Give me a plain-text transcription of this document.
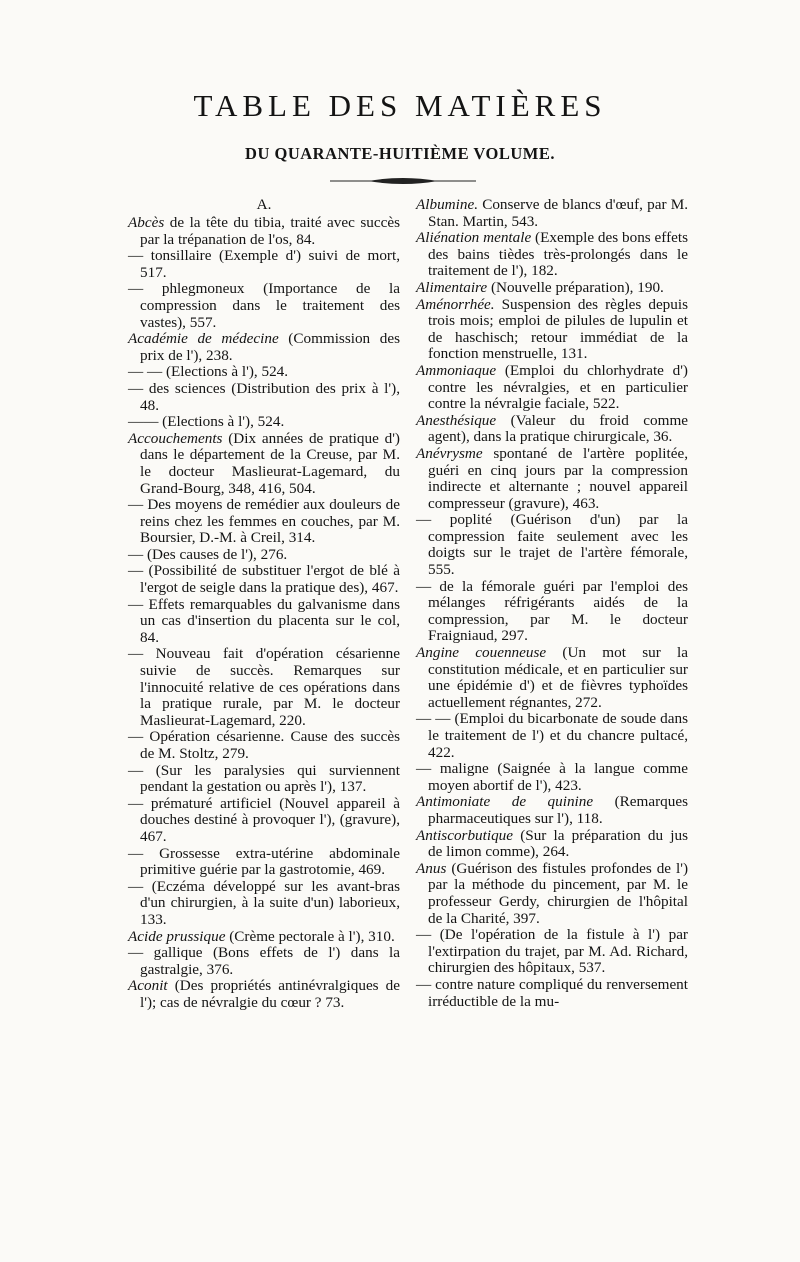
TABLE DES MATIÈRES
DU QUARANTE-HUITIÈME VOLUME.
A.
Abcès de la tête du tibia, traité avec succès par la trépanation de l'os, 84.
— tonsillaire (Exemple d') suivi de mort, 517.
— phlegmoneux (Importance de la compression dans le traitement des vastes), 557.
Académie de médecine (Commission des prix de l'), 238.
— — (Elections à l'), 524.
— des sciences (Distribution des prix à l'), 48.
—— (Elections à l'), 524.
Accouchements (Dix années de pratique d') dans le département de la Creuse, par M. le docteur Maslieurat-Lagemard, du Grand-Bourg, 348, 416, 504.
— Des moyens de remédier aux douleurs de reins chez les femmes en couches, par M. Boursier, D.-M. à Creil, 314.
— (Des causes de l'), 276.
— (Possibilité de substituer l'ergot de blé à l'ergot de seigle dans la pratique des), 467.
— Effets remarquables du galvanisme dans un cas d'insertion du placenta sur le col, 84.
— Nouveau fait d'opération césarienne suivie de succès. Remarques sur l'innocuité relative de ces opérations dans la pratique rurale, par M. le docteur Maslieurat-Lagemard, 220.
— Opération césarienne. Cause des succès de M. Stoltz, 279.
— (Sur les paralysies qui surviennent pendant la gestation ou après l'), 137.
— prématuré artificiel (Nouvel appareil à douches destiné à provoquer l'), (gravure), 467.
— Grossesse extra-utérine abdominale primitive guérie par la gastrotomie, 469.
— (Eczéma développé sur les avant-bras d'un chirurgien, à la suite d'un) laborieux, 133.
Acide prussique (Crème pectorale à l'), 310.
— gallique (Bons effets de l') dans la gastralgie, 376.
Aconit (Des propriétés antinévralgiques de l'); cas de névralgie du cœur ? 73.
Albumine. Conserve de blancs d'œuf, par M. Stan. Martin, 543.
Aliénation mentale (Exemple des bons effets des bains tièdes très-prolongés dans le traitement de l'), 182.
Alimentaire (Nouvelle préparation), 190.
Aménorrhée. Suspension des règles depuis trois mois; emploi de pilules de lupulin et de haschisch; retour immédiat de la fonction menstruelle, 131.
Ammoniaque (Emploi du chlorhydrate d') contre les névralgies, et en particulier contre la névralgie faciale, 522.
Anesthésique (Valeur du froid comme agent), dans la pratique chirurgicale, 36.
Anévrysme spontané de l'artère poplitée, guéri en cinq jours par la compression indirecte et alternante ; nouvel appareil compresseur (gravure), 463.
— poplité (Guérison d'un) par la compression faite seulement avec les doigts sur le trajet de l'artère fémorale, 555.
— de la fémorale guéri par l'emploi des mélanges réfrigérants aidés de la compression, par M. le docteur Fraigniaud, 297.
Angine couenneuse (Un mot sur la constitution médicale, et en particulier sur une épidémie d') et de fièvres typhoïdes actuellement régnantes, 272.
— — (Emploi du bicarbonate de soude dans le traitement de l') et du chancre pultacé, 422.
— maligne (Saignée à la langue comme moyen abortif de l'), 423.
Antimoniate de quinine (Remarques pharmaceutiques sur l'), 118.
Antiscorbutique (Sur la préparation du jus de limon comme), 264.
Anus (Guérison des fistules profondes de l') par la méthode du pincement, par M. le professeur Gerdy, chirurgien de l'hôpital de la Charité, 397.
— (De l'opération de la fistule à l') par l'extirpation du trajet, par M. Ad. Richard, chirurgien des hôpitaux, 537.
— contre nature compliqué du renversement irréductible de la mu-
